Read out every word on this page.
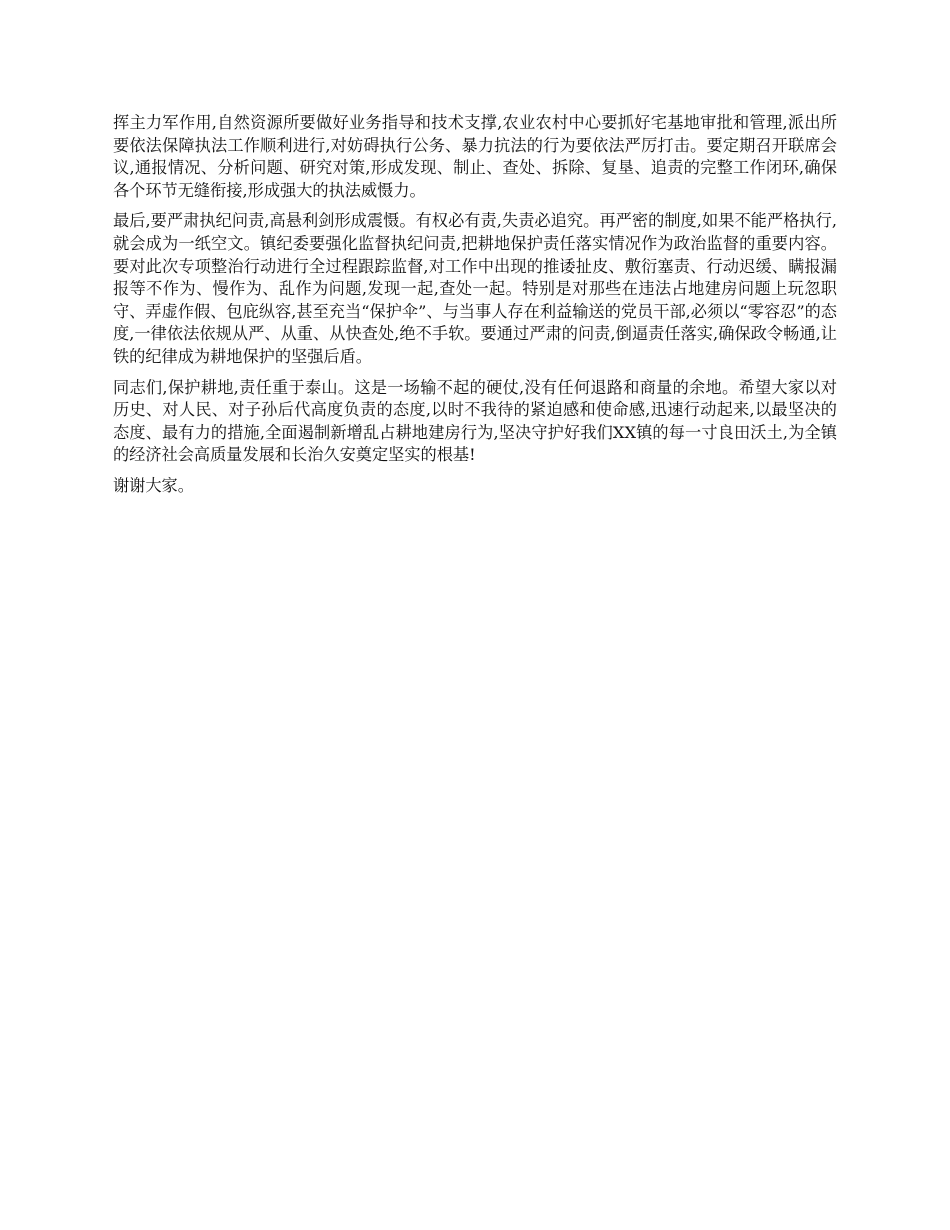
挥主力军作用,自然资源所要做好业务指导和技术支撑,农业农村中心要抓好宅基地审批和管理,派出所要依法保障执法工作顺利进行,对妨碍执行公务、暴力抗法的行为要依法严厉打击。要定期召开联席会议,通报情况、分析问题、研究对策,形成发现、制止、查处、拆除、复垦、追责的完整工作闭环,确保各个环节无缝衔接,形成强大的执法威慑力。

最后,要严肃执纪问责,高悬利剑形成震慑。有权必有责,失责必追究。再严密的制度,如果不能严格执行,就会成为一纸空文。镇纪委要强化监督执纪问责,把耕地保护责任落实情况作为政治监督的重要内容。要对此次专项整治行动进行全过程跟踪监督,对工作中出现的推诿扯皮、敷衍塞责、行动迟缓、瞒报漏报等不作为、慢作为、乱作为问题,发现一起,查处一起。特别是对那些在违法占地建房问题上玩忽职守、弄虚作假、包庇纵容,甚至充当“保护伞”、与当事人存在利益输送的党员干部,必须以“零容忍”的态度,一律依法依规从严、从重、从快查处,绝不手软。要通过严肃的问责,倒逼责任落实,确保政令畅通,让铁的纪律成为耕地保护的坚强后盾。

同志们,保护耕地,责任重于泰山。这是一场输不起的硬仗,没有任何退路和商量的余地。希望大家以对历史、对人民、对子孙后代高度负责的态度,以时不我待的紧迫感和使命感,迅速行动起来,以最坚决的态度、最有力的措施,全面遏制新增乱占耕地建房行为,坚决守护好我们XX镇的每一寸良田沃土,为全镇的经济社会高质量发展和长治久安奠定坚实的根基!

谢谢大家。
